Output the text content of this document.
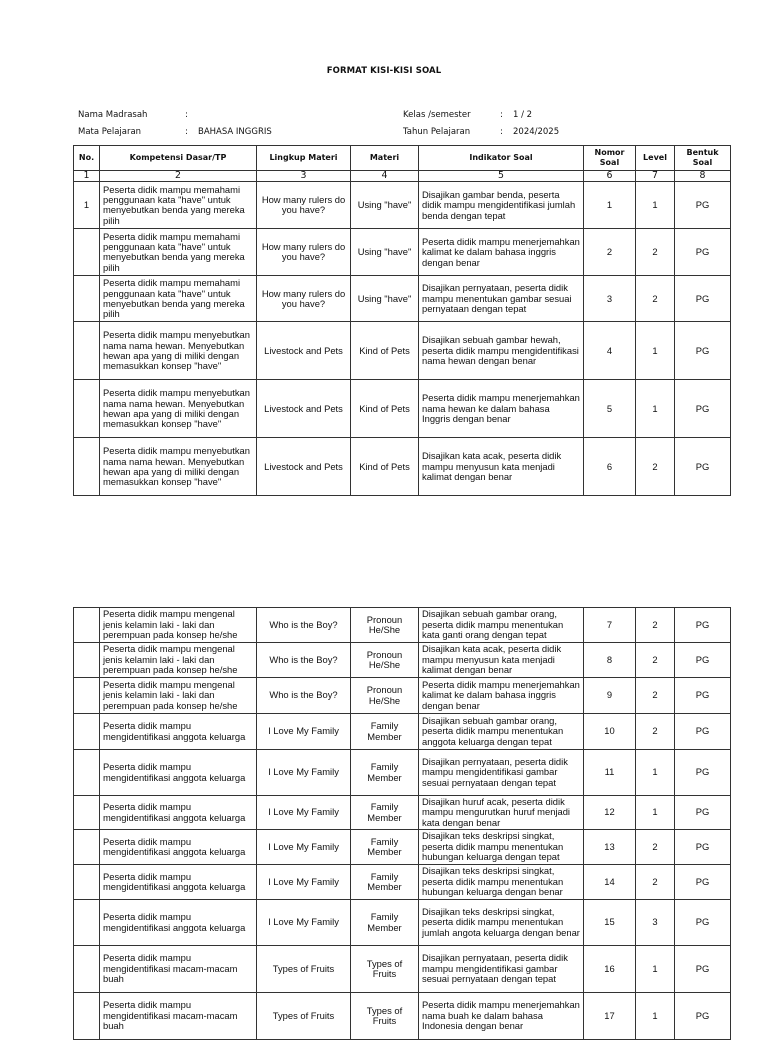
FORMAT KISI-KISI SOAL
Nama Madrasah	:
Mata Pelajaran	: BAHASA INGGRIS
Kelas /semester	: 1 / 2
Tahun Pelajaran	: 2024/2025
No.	Kompetensi Dasar/TP	Lingkup Materi	Materi	Indikator Soal	Nomor Soal	Level	Bentuk Soal
1	2	3	4	5	6	7	8
1	Peserta didik mampu memahami penggunaan kata "have" untuk menyebutkan benda yang mereka pilih	How many rulers do you have?	Using "have"	Disajikan gambar benda, peserta didik mampu mengidentifikasi jumlah benda dengan tepat	1	1	PG
	Peserta didik mampu memahami penggunaan kata "have" untuk menyebutkan benda yang mereka pilih	How many rulers do you have?	Using "have"	Peserta didik mampu menerjemahkan kalimat ke dalam bahasa inggris dengan benar	2	2	PG
	Peserta didik mampu memahami penggunaan kata "have" untuk menyebutkan benda yang mereka pilih	How many rulers do you have?	Using "have"	Disajikan pernyataan, peserta didik mampu menentukan gambar sesuai pernyataan dengan tepat	3	2	PG
	Peserta didik mampu menyebutkan nama nama hewan. Menyebutkan hewan apa yang di miliki dengan memasukkan konsep "have"	Livestock and Pets	Kind of Pets	Disajikan sebuah gambar hewah, peserta didik mampu mengidentifikasi nama hewan dengan benar	4	1	PG
	Peserta didik mampu menyebutkan nama nama hewan. Menyebutkan hewan apa yang di miliki dengan memasukkan konsep "have"	Livestock and Pets	Kind of Pets	Peserta didik mampu menerjemahkan nama hewan ke dalam bahasa Inggris dengan benar	5	1	PG
	Peserta didik mampu menyebutkan nama nama hewan. Menyebutkan hewan apa yang di miliki dengan memasukkan konsep "have"	Livestock and Pets	Kind of Pets	Disajikan kata acak, peserta didik mampu menyusun kata menjadi kalimat dengan benar	6	2	PG
	Peserta didik mampu mengenal jenis kelamin laki - laki dan perempuan pada konsep he/she	Who is the Boy?	Pronoun He/She	Disajikan sebuah gambar orang, peserta didik mampu menentukan kata ganti orang dengan tepat	7	2	PG
	Peserta didik mampu mengenal jenis kelamin laki - laki dan perempuan pada konsep he/she	Who is the Boy?	Pronoun He/She	Disajikan kata acak, peserta didik mampu menyusun kata menjadi kalimat dengan benar	8	2	PG
	Peserta didik mampu mengenal jenis kelamin laki - laki dan perempuan pada konsep he/she	Who is the Boy?	Pronoun He/She	Peserta didik mampu menerjemahkan kalimat ke dalam bahasa inggris dengan benar	9	2	PG
	Peserta didik mampu mengidentifikasi anggota keluarga	I Love My Family	Family Member	Disajikan sebuah gambar orang, peserta didik mampu menentukan anggota keluarga dengan tepat	10	2	PG
	Peserta didik mampu mengidentifikasi anggota keluarga	I Love My Family	Family Member	Disajikan pernyataan, peserta didik mampu mengidentifikasi gambar sesuai pernyataan dengan tepat	11	1	PG
	Peserta didik mampu mengidentifikasi anggota keluarga	I Love My Family	Family Member	Disajikan huruf acak, peserta didik mampu mengurutkan huruf menjadi kata dengan benar	12	1	PG
	Peserta didik mampu mengidentifikasi anggota keluarga	I Love My Family	Family Member	Disajikan teks deskripsi singkat, peserta didik mampu menentukan hubungan keluarga dengan tepat	13	2	PG
	Peserta didik mampu mengidentifikasi anggota keluarga	I Love My Family	Family Member	Disajikan teks deskripsi singkat, peserta didik mampu menentukan hubungan keluarga dengan benar	14	2	PG
	Peserta didik mampu mengidentifikasi anggota keluarga	I Love My Family	Family Member	Disajikan teks deskripsi singkat, peserta didik mampu menentukan jumlah angota keluarga dengan benar	15	3	PG
	Peserta didik mampu mengidentifikasi macam-macam buah	Types of Fruits	Types of Fruits	Disajikan pernyataan, peserta didik mampu mengidentifikasi gambar sesuai pernyataan dengan tepat	16	1	PG
	Peserta didik mampu mengidentifikasi macam-macam buah	Types of Fruits	Types of Fruits	Peserta didik mampu menerjemahkan nama buah ke dalam bahasa Indonesia dengan benar	17	1	PG
